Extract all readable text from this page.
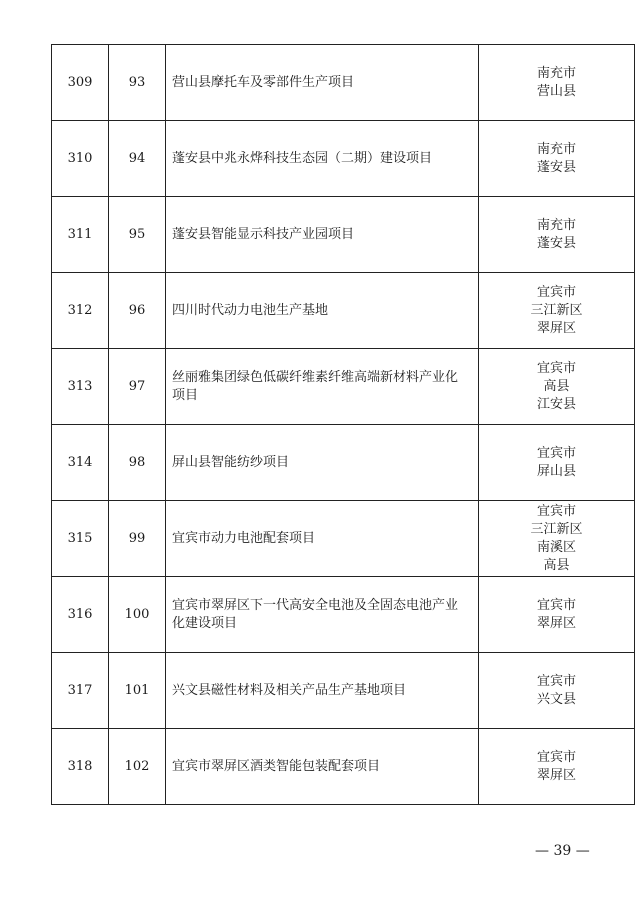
309	93	营山县摩托车及零部件生产项目	南充市
营山县

310	94	蓬安县中兆永烨科技生态园（二期）建设项目	南充市
蓬安县

311	95	蓬安县智能显示科技产业园项目	南充市
蓬安县

312	96	四川时代动力电池生产基地	宜宾市
三江新区
翠屏区

313	97	丝丽雅集团绿色低碳纤维素纤维高端新材料产业化项目	宜宾市
高县
江安县

314	98	屏山县智能纺纱项目	宜宾市
屏山县

315	99	宜宾市动力电池配套项目	宜宾市
三江新区
南溪区
高县

316	100	宜宾市翠屏区下一代高安全电池及全固态电池产业化建设项目	宜宾市
翠屏区

317	101	兴文县磁性材料及相关产品生产基地项目	宜宾市
兴文县

318	102	宜宾市翠屏区酒类智能包装配套项目	宜宾市
翠屏区
— 39 —
